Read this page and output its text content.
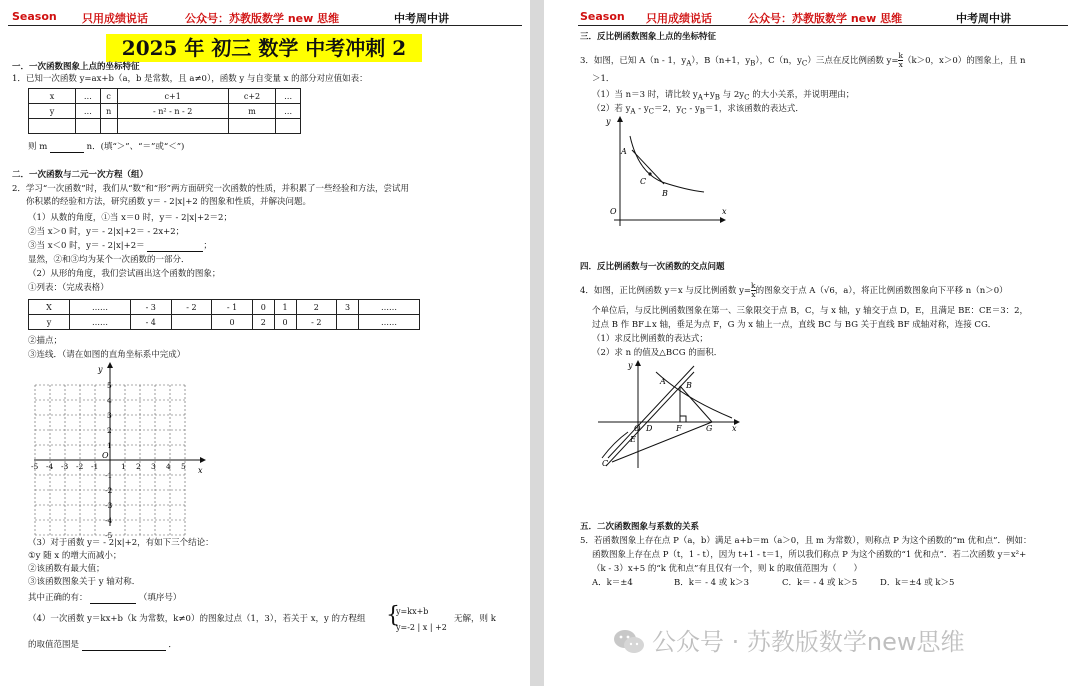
Season 只用成绩说话	公众号：苏教版数学 new 思维	中考周中讲
2025 年 初三 数学 中考冲刺 2
一．一次函数图象上点的坐标特征
1．已知一次函数 y=ax+b（a，b 是常数，且 a≠0），函数 y 与自变量 x 的部分对应值如表：
x	…	c	c+1	c+2	…
y	…	n	- n² - n - 2	m	…

则 m	n．(填“＞”、“＝”或“＜”)
二．一次函数与二元一次方程（组）
2．学习“一次函数”时，我们从“数”和“形”两方面研究一次函数的性质，并积累了一些经验和方法，尝试用
你积累的经验和方法，研究函数 y＝ - 2|x|+2 的图象和性质，并解决问题。
（1）从数的角度，①当 x＝0 时，y＝ - 2|x|+2＝2；
②当 x＞0 时，y＝ - 2|x|+2＝ - 2x+2；
③当 x＜0 时，y＝ - 2|x|+2＝	；
显然，②和③均为某个一次函数的一部分．
（2）从形的角度，我们尝试画出这个函数的图象；
①列表：（完成表格）
X	……	- 3	- 2	- 1	0	1	2	3	……
y	……	- 4		0	2	0	- 2		……
②描点；
③连线．（请在如图的直角坐标系中完成）
x
y
O
-5 -4 -3 -2 -1	1 2 3 4 5
5
4
3
2
1
-1
-2
-3
-4
-5
（3）对于函数 y＝ - 2|x|+2，有如下三个结论：
①y 随 x 的增大而减小；
②该函数有最大值；
③该函数图象关于 y 轴对称．
其中正确的有：	（填序号）
（4）一次函数 y＝kx+b（k 为常数，k≠0）的图象过点（1，3），若关于 x，y 的方程组 {
y=kx+b
y=-2 | x | +2
无解，则 k
的取值范围是	．
Season 只用成绩说话	公众号：苏教版数学 new 思维	中考周中讲
三．反比例函数图象上点的坐标特征
3．如图，已知 A（n - 1，$y_A$），B（n+1，$y_B$），C（n，$y_C$）三点在反比例函数 $y= \frac{k}{x} (k>0$，x＞0）的图象上，且 n
＞1．
（1）当 n＝3 时，请比较 $y_A+y_B$ 与 $2y_C$ 的大小关系，并说明理由；
（2）若 $y_A - y_C=2$，$y_C - y_B=1$，求该函数的表达式．
y
x
O
A
C
B
四．反比例函数与一次函数的交点问题
4．如图，正比例函数 y＝x 与反比例函数 $y= \frac{k}{x}$ 的图象交于点 A（√6，a），将正比例函数图象向下平移 n（n＞0）
个单位后，与反比例函数图象在第一、三象限交于点 B，C，与 x 轴，y 轴交于点 D，E，且满足 BE：CE＝3：2，
过点 B 作 BF⊥x 轴，垂足为点 F，G 为 x 轴上一点，直线 BC 与 BG 关于直线 BF 成轴对称，连接 CG．
（1）求反比例函数的表达式；
（2）求 n 的值及△BCG 的面积．
y
A	B
O D	F	G x
E
C
五．二次函数图象与系数的关系
5．若函数图象上存在点 P（a，b）满足 a+b＝m（a＞0，且 m 为常数），则称点 P 为这个函数的“m 优和点”．例如：
函数图象上存在点 P（t，1 - t），因为 t+1 - t＝1，所以我们称点 P 为这个函数的“1 优和点”．若二次函数 y＝x²+
（k - 3）x+5 的“k 优和点”有且仅有一个，则 k 的取值范围为（　　）
A．k＝±4	B．k＝ - 4 或 k＞3	C．k＝ - 4 或 k＞5	D．k＝±4 或 k＞5
公众号 · 苏教版数学new思维
